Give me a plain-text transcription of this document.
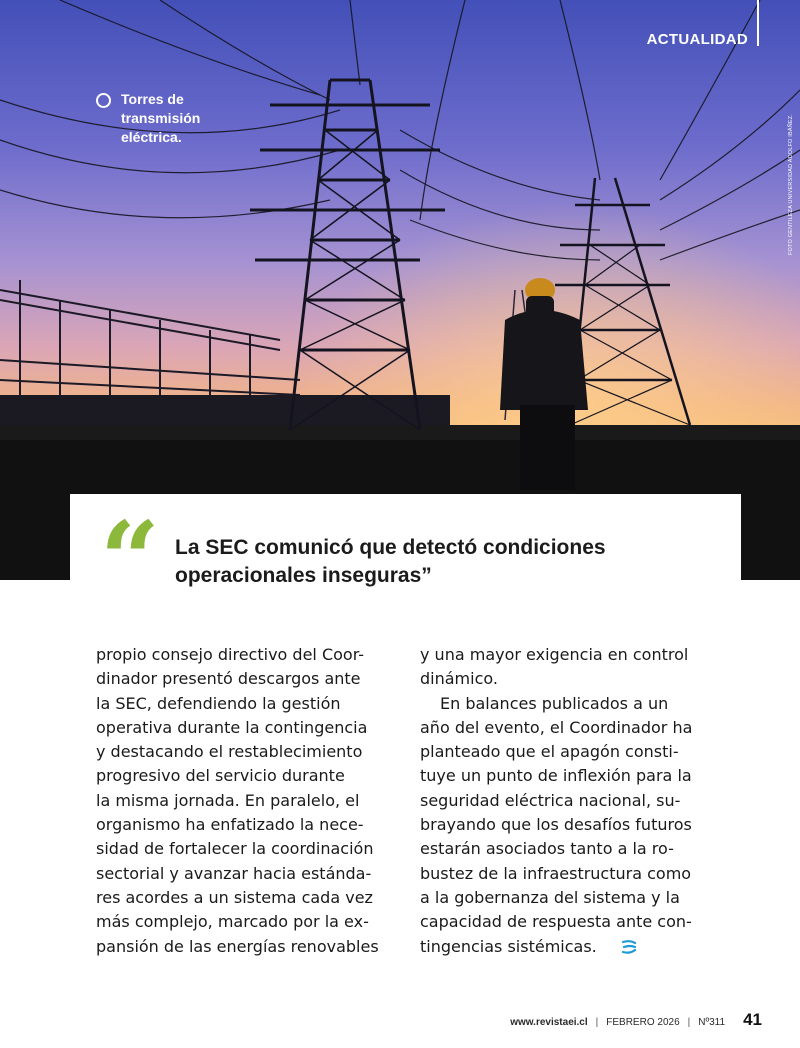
ACTUALIDAD
Torres de
transmisión
eléctrica.	FOTO GENTILEZA UNIVERSIDAD ADOLFO IBÁÑEZ.
“ La SEC comunicó que detectó condiciones operacionales inseguras”

propio consejo directivo del Coor-
dinador presentó descargos ante
la SEC, defendiendo la gestión
operativa durante la contingencia
y destacando el restablecimiento
progresivo del servicio durante
la misma jornada. En paralelo, el
organismo ha enfatizado la nece-
sidad de fortalecer la coordinación
sectorial y avanzar hacia estánda-
res acordes a un sistema cada vez
más complejo, marcado por la ex-
pansión de las energías renovables

y una mayor exigencia en control
dinámico.

En balances publicados a un
año del evento, el Coordinador ha
planteado que el apagón consti-
tuye un punto de inflexión para la
seguridad eléctrica nacional, su-
brayando que los desafíos futuros
estarán asociados tanto a la ro-
bustez de la infraestructura como
a la gobernanza del sistema y la
capacidad de respuesta ante con-
tingencias sistémicas.

www.revistaei.cl | FEBRERO 2026 | Nº311 41
